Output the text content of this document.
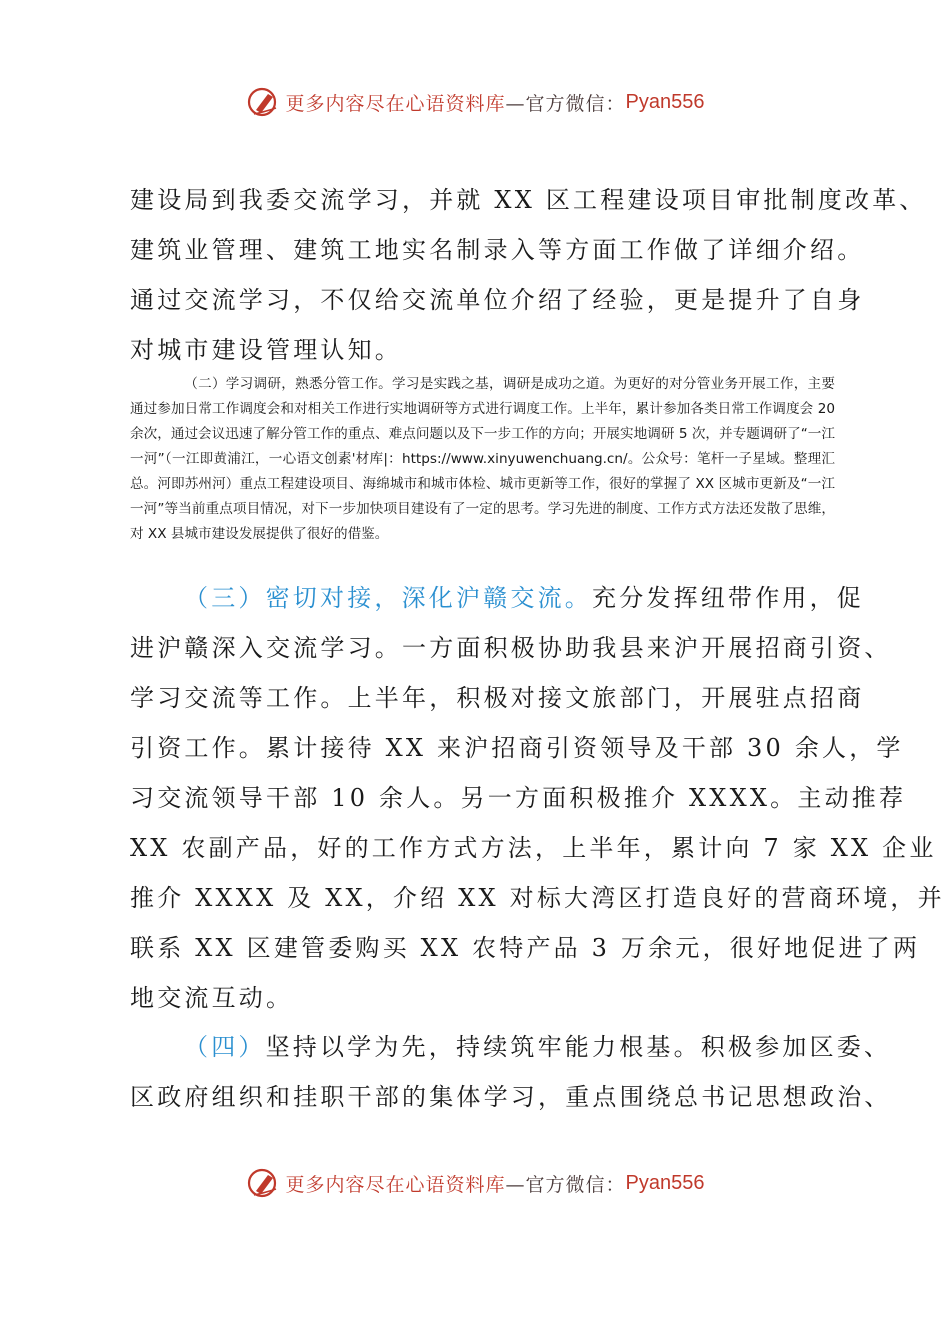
更多内容尽在心语资料库 —官方微信： Pyan556
建设局到我委交流学习，并就 XX 区工程建设项目审批制度改革、
建筑业管理、建筑工地实名制录入等方面工作做了详细介绍。
通过交流学习，不仅给交流单位介绍了经验，更是提升了自身
对城市建设管理认知。
（二）学习调研，熟悉分管工作。学习是实践之基，调研是成功之道。为更好的对分管业务开展工作，主要通过参加日常工作调度会和对相关工作进行实地调研等方式进行调度工作。上半年，累计参加各类日常工作调度会 20 余次，通过会议迅速了解分管工作的重点、难点问题以及下一步工作的方向；开展实地调研 5 次，并专题调研了“一江一河”（一江即黄浦江，一心语文创素'材库|：https://www.xinyuwenchuang.cn/。公众号：笔杆一子星域。整理汇总。河即苏州河）重点工程建设项目、海绵城市和城市体检、城市更新等工作，很好的掌握了 XX 区城市更新及“一江一河”等当前重点项目情况，对下一步加快项目建设有了一定的思考。学习先进的制度、工作方式方法还发散了思维，对 XX 县城市建设发展提供了很好的借鉴。
（三）密切对接，深化沪赣交流。充分发挥纽带作用，促
进沪赣深入交流学习。一方面积极协助我县来沪开展招商引资、
学习交流等工作。上半年，积极对接文旅部门，开展驻点招商
引资工作。累计接待 XX 来沪招商引资领导及干部 30 余人，学
习交流领导干部 10 余人。另一方面积极推介 XXXX。主动推荐
XX 农副产品，好的工作方式方法，上半年，累计向 7 家 XX 企业
推介 XXXX 及 XX，介绍 XX 对标大湾区打造良好的营商环境，并
联系 XX 区建管委购买 XX 农特产品 3 万余元，很好地促进了两
地交流互动。
（四）坚持以学为先，持续筑牢能力根基。积极参加区委、
区政府组织和挂职干部的集体学习，重点围绕总书记思想政治、
更多内容尽在心语资料库 —官方微信： Pyan556
